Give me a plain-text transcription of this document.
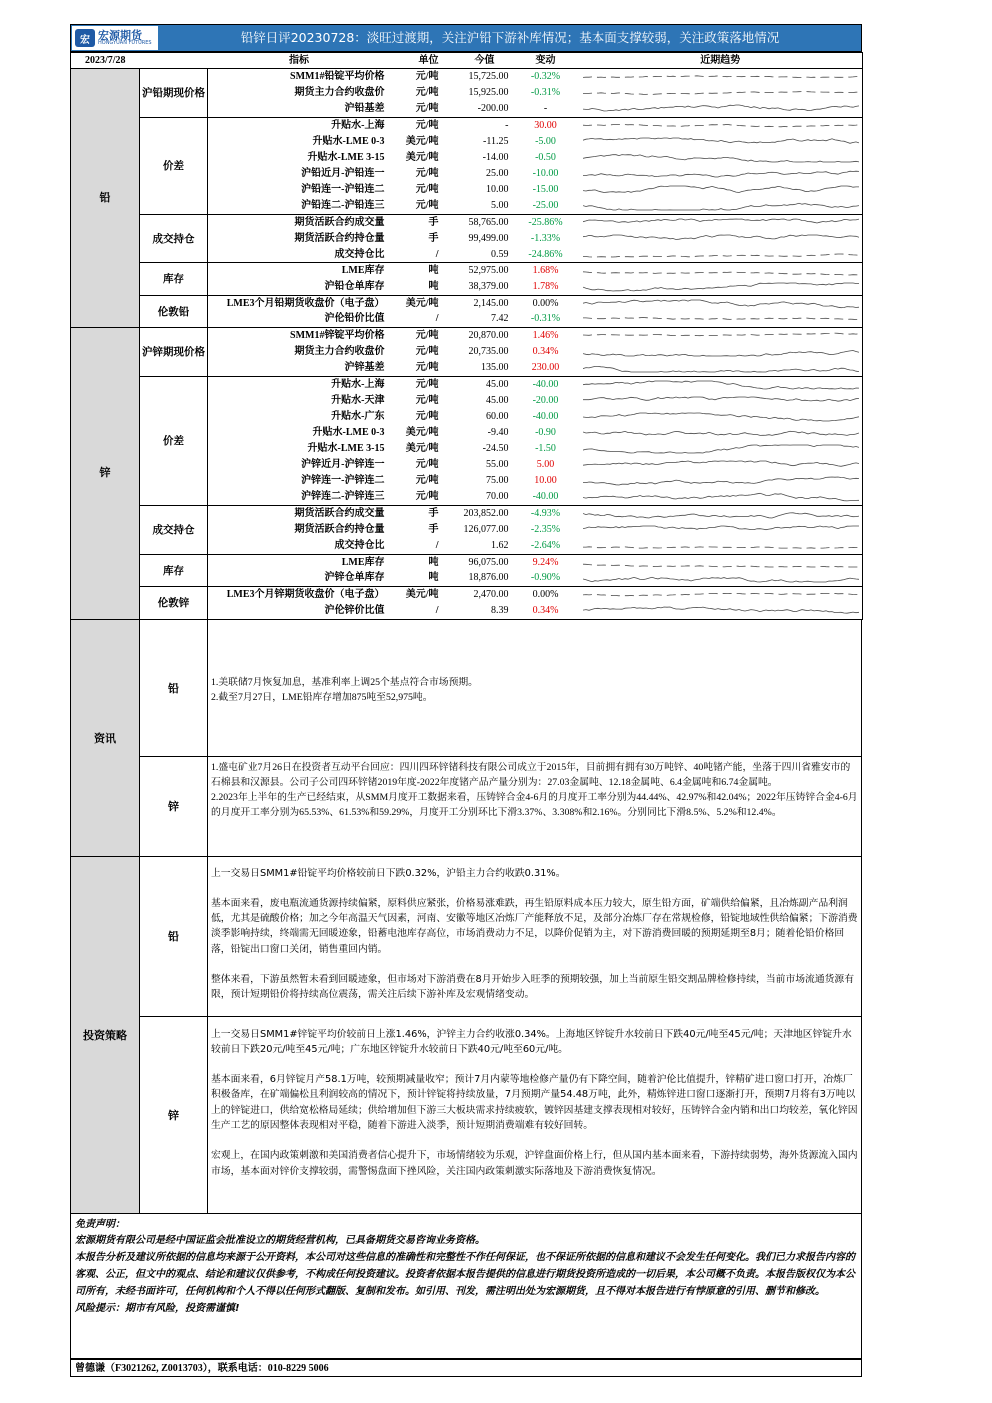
宏 宏源期货
HONGYUAN FUTURES	铅锌日评20230728：淡旺过渡期，关注沪铅下游补库情况；基本面支撑较弱，关注政策落地情况
2023/7/28		指标	单位	今值	变动	近期趋势
铅	沪铅期现价格	SMM1#铅锭平均价格	元/吨	15,725.00	-0.32%	

		期货主力合约收盘价	元/吨	15,925.00	-0.31%	

		沪铅基差	元/吨	-200.00	-	

	价差	升贴水-上海	元/吨	-	30.00	

		升贴水-LME 0-3	美元/吨	-11.25	-5.00	

		升贴水-LME 3-15	美元/吨	-14.00	-0.50	

		沪铅近月-沪铅连一	元/吨	25.00	-10.00	

		沪铅连一-沪铅连二	元/吨	10.00	-15.00	

		沪铅连二-沪铅连三	元/吨	5.00	-25.00	

	成交持仓	期货活跃合约成交量	手	58,765.00	-25.86%	

		期货活跃合约持仓量	手	99,499.00	-1.33%	

		成交持仓比	/	0.59	-24.86%	

	库存	LME库存	吨	52,975.00	1.68%	

		沪铅仓单库存	吨	38,379.00	1.78%	

	伦敦铅	LME3个月铅期货收盘价（电子盘）	美元/吨	2,145.00	0.00%	

		沪伦铅价比值	/	7.42	-0.31%	

锌	沪锌期现价格	SMM1#锌锭平均价格	元/吨	20,870.00	1.46%	

		期货主力合约收盘价	元/吨	20,735.00	0.34%	

		沪锌基差	元/吨	135.00	230.00	

	价差	升贴水-上海	元/吨	45.00	-40.00	

		升贴水-天津	元/吨	45.00	-20.00	

		升贴水-广东	元/吨	60.00	-40.00	

		升贴水-LME 0-3	美元/吨	-9.40	-0.90	

		升贴水-LME 3-15	美元/吨	-24.50	-1.50	

		沪锌近月-沪锌连一	元/吨	55.00	5.00	

		沪锌连一-沪锌连二	元/吨	75.00	10.00	

		沪锌连二-沪锌连三	元/吨	70.00	-40.00	

	成交持仓	期货活跃合约成交量	手	203,852.00	-4.93%	

		期货活跃合约持仓量	手	126,077.00	-2.35%	

		成交持仓比	/	1.62	-2.64%	

	库存	LME库存	吨	96,075.00	9.24%	

		沪锌仓单库存	吨	18,876.00	-0.90%	

	伦敦锌	LME3个月锌期货收盘价（电子盘）	美元/吨	2,470.00	0.00%	

		沪伦锌价比值	/	8.39	0.34%	
资讯
铅	1.美联储7月恢复加息，基准利率上调25个基点符合市场预期。

2.截至7月27日，LME铅库存增加875吨至52,975吨。

锌

1.盛屯矿业7月26日在投资者互动平台回应：四川四环锌锗科技有限公司成立于2015年，目前拥有拥有30万吨锌、40吨锗产能，坐落于四川省雅安市的石棉县和汉源县。公司子公司四环锌锗2019年度-2022年度锗产品产量分别为：27.03金属吨、12.18金属吨、6.4金属吨和6.74金属吨。

2.2023年上半年的生产已经结束，从SMM月度开工数据来看，压铸锌合金4-6月的月度开工率分别为44.44%、42.97%和42.04%；2022年压铸锌合金4-6月的月度开工率分别为65.53%、61.53%和59.29%，月度开工分别环比下滑3.37%、3.308%和2.16%。分别同比下滑8.5%、5.2%和12.4%。

投资策略
铅

上一交易日SMM1#铅锭平均价格较前日下跌0.32%，沪铅主力合约收跌0.31%。

基本面来看，废电瓶流通货源持续偏紧，原料供应紧张，价格易涨难跌，再生铅原料成本压力较大，原生铅方面，矿端供给偏紧，且冶炼副产品利润低，尤其是硫酸价格；加之今年高温天气因素，河南、安徽等地区冶炼厂产能释放不足，及部分冶炼厂存在常规检修，铅锭地域性供给偏紧；下游消费淡季影响持续，终端需无回暖迹象，铅蓄电池库存高位，市场消费动力不足，以降价促销为主，对下游消费回暖的预期延期至8月；随着伦铅价格回落，铅锭出口窗口关闭，销售重回内销。

整体来看，下游虽然暂未看到回暖迹象，但市场对下游消费在8月开始步入旺季的预期较强，加上当前原生铅交割品牌检修持续，当前市场流通货源有限，预计短期铅价将持续高位震荡，需关注后续下游补库及宏观情绪变动。

锌

上一交易日SMM1#锌锭平均价较前日上涨1.46%，沪锌主力合约收涨0.34%。上海地区锌锭升水较前日下跌40元/吨至45元/吨；天津地区锌锭升水较前日下跌20元/吨至45元/吨；广东地区锌锭升水较前日下跌40元/吨至60元/吨。

基本面来看，6月锌锭月产58.1万吨，较预期减量收窄；预计7月内蒙等地检修产量仍有下降空间，随着沪伦比值提升，锌精矿进口窗口打开，冶炼厂积极备库，在矿端偏松且利润较高的情况下，预计锌锭将持续放量，7月预期产量54.48万吨，此外，精炼锌进口窗口逐渐打开，预期7月将有3万吨以上的锌锭进口，供给宽松格局延续；供给增加但下游三大板块需求持续疲软，镀锌因基建支撑表现相对较好，压铸锌合金内销和出口均较差，氧化锌因生产工艺的原因整体表现相对平稳，随着下游进入淡季，预计短期消费端难有较好回转。

宏观上，在国内政策刺激和美国消费者信心提升下，市场情绪较为乐观，沪锌盘面价格上行，但从国内基本面来看，下游持续弱势，海外货源流入国内市场，基本面对锌价支撑较弱，需警惕盘面下挫风险，关注国内政策刺激实际落地及下游消费恢复情况。

免责声明：
宏源期货有限公司是经中国证监会批准设立的期货经营机构，已具备期货交易咨询业务资格。
本报告分析及建议所依据的信息均来源于公开资料，本公司对这些信息的准确性和完整性不作任何保证，也不保证所依据的信息和建议不会发生任何变化。我们已力求报告内容的客观、公正，但文中的观点、结论和建议仅供参考，不构成任何投资建议。投资者依据本报告提供的信息进行期货投资所造成的一切后果，本公司概不负责。本报告版权仅为本公司所有，未经书面许可，任何机构和个人不得以任何形式翻版、复制和发布。如引用、刊发，需注明出处为宏源期货，且不得对本报告进行有悖原意的引用、删节和修改。
风险提示：期市有风险，投资需谨慎!
曾德谦（F3021262, Z0013703），联系电话：010-8229 5006
